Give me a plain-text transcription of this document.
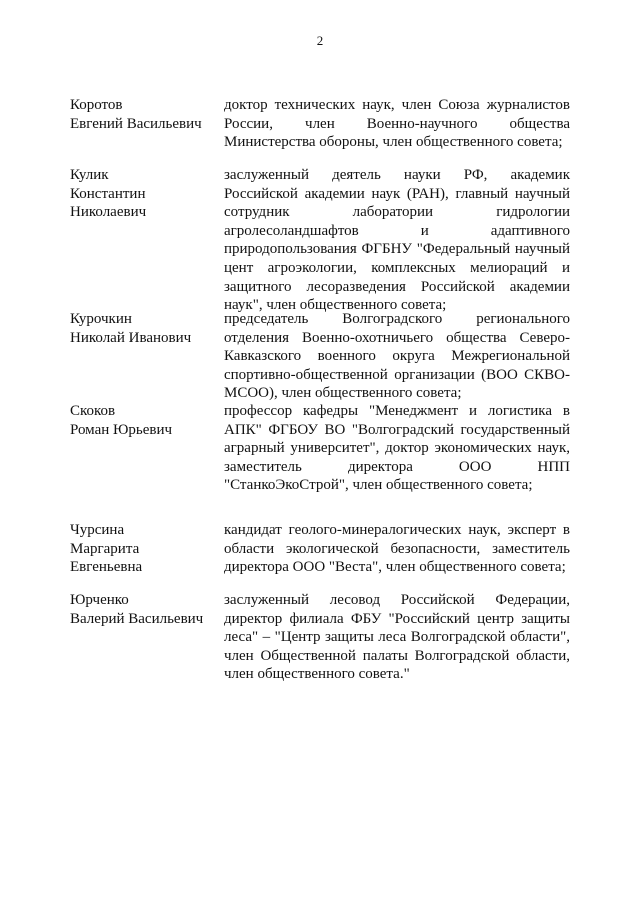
2
Коротов
Евгений Васильевич
доктор технических наук, член Союза журналистов России, член Военно-научного общества Министерства обороны, член общественного совета;
Кулик
Константин
Николаевич
заслуженный деятель науки РФ, академик Российской академии наук (РАН), главный научный сотрудник лаборатории гидрологии агролесоландшафтов и адаптивного природопользования ФГБНУ "Федеральный научный цент агроэкологии, комплексных мелиораций и защитного лесоразведения Российской академии наук", член общественного совета;
Курочкин
Николай Иванович
председатель Волгоградского регионального отделения Военно-охотничьего общества Северо-Кавказского военного округа Межрегиональной спортивно-общественной организации (ВОО СКВО-МСОО), член общественного совета;
Скоков
Роман Юрьевич
профессор кафедры "Менеджмент и логистика в АПК" ФГБОУ ВО "Волгоградский государственный аграрный университет", доктор экономических наук, заместитель директора ООО НПП "СтанкоЭкоСтрой", член общественного совета;
Чурсина
Маргарита
Евгеньевна
кандидат геолого-минералогических наук, эксперт в области экологической безопасности, заместитель директора ООО "Веста", член общественного совета;
Юрченко
Валерий Васильевич
заслуженный лесовод Российской Федерации, директор филиала ФБУ "Российский центр защиты леса" – "Центр защиты леса Волгоградской области", член Общественной палаты Волгоградской области, член общественного совета."
